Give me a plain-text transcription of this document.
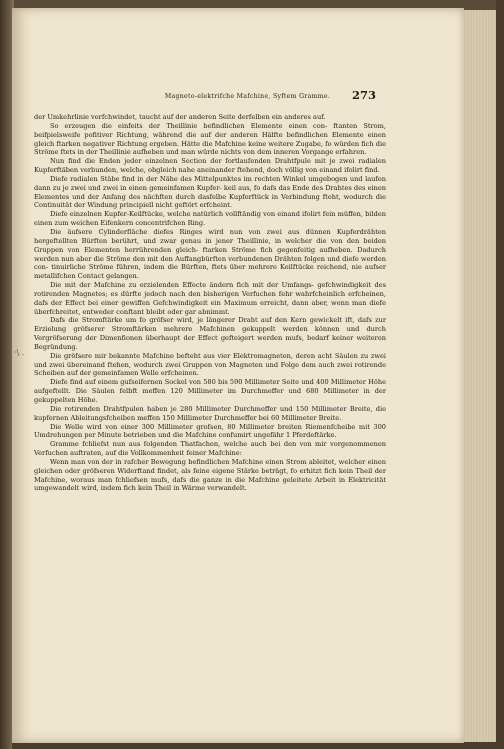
Magneto-elektrifche Mafchine, Syftem Gramme.	273
·\ .

der Umkehrlinie verfchwindet, taucht auf der anderen Seite derfelben ein anderes auf.

So erzeugen die einfeits der Theillinie befindlichen Elemente einen con- ftanten Strom, beifpielsweife pofitiver Richtung, während die auf der anderen Hälfte befindlichen Elemente einen gleich ftarken negativer Richtung ergeben. Hätte die Mafchine keine weitere Zugabe, fo würden fich die Ströme ftets in der Theillinie aufheben und man würde nichts von dem inneren Vorgange erfahren.

Nun find die Enden jeder einzelnen Section der fortlaufenden Drahtfpule mit je zwei radialen Kupferftäben verbunden, welche, obgleich nahe aneinander ftehend, doch völlig von einand ifolirt find.

Diefe radialen Stäbe find in der Nähe des Mittelpunktes im rechten Winkel umgebogen und laufen dann zu je zwei und zwei in einen gemeinfamen Kupfer- keil aus, fo dafs das Ende des Drahtes des einen Elementes und der Anfang des nächften durch dasfelbe Kupferftück in Verbindung fteht, wodurch die Continuität der Windung principiell nicht geftört erfcheint.

Diefe einzelnen Kupfer-Keilftücke, welche natürlich vollftändig von einand ifolirt fein müffen, bilden einen zum weichen Eifenkern concentrifchen Ring.

Die äufsere Cylinderfläche diefes Ringes wird nun von zwei aus dünnen Kupferdrähten hergeftellten Bürften berührt, und zwar genau in jener Theillinie, in welcher die von den beiden Gruppen von Elementen herrührenden gleich- ftarken Ströme fich gegenfeitig aufheben. Dadurch werden nun aber die Ströme den mit den Auffangbürften verbundenen Drähten folgen und diefe werden con- tinuirliche Ströme führen, indem die Bürften, ftets über mehrere Keilftücke reichend, nie aufser metallifchen Contact gelangen.

Die mit der Mafchine zu erzielenden Effecte ändern fich mit der Umfangs- gefchwindigkeit des rotirenden Magnetes; es dürfte jedoch nach den bisherigen Verfuchen fehr wahrfcheinlich erfcheinen, dafs der Effect bei einer gewiffen Gefchwindigkeit ein Maximum erreicht, dann aber, wenn man diefe überfchreitet, entweder conftant bleibt oder gar abnimmt.

Dafs die Stromftärke um fo gröfser wird, je längerer Draht auf den Kern gewickelt ift, dafs zur Erzielung gröfserer Stromftärken mehrere Mafchinen gekuppelt werden können und durch Vergröfserung der Dimenfionen überhaupt der Effect gefteigert werden mufs, bedarf keiner weiteren Begründung.

Die gröfsere mir bekannte Mafchine befteht aus vier Elektromagneten, deren acht Säulen zu zwei und zwei übereinand ftehen, wodurch zwei Gruppen von Magneten und Folge dem auch zwei rotirende Scheiben auf der gemeinfamen Welle erfcheinen.

Diefe find auf einem gufseifernen Sockel von 580 bis 590 Millimeter Seite und 400 Millimeter Höhe aufgeftellt. Die Säulen felbft meffen 120 Millimeter im Durchmeffer und 680 Millimeter in der gekuppelten Höhe.

Die rotirenden Drahtfpulen haben je 280 Millimeter Durchmeffer und 150 Millimeter Breite, die kupfernen Ableitungsfcheiben meffen 150 Millimeter Durchmeffer bei 60 Millimeter Breite.

Die Welle wird von einer 300 Millimeter grofsen, 80 Millimeter breiten Riemenfcheibe mit 300 Umdrehungen per Minute betrieben und die Mafchine confumirt ungefähr 1 Pferdeftärke.

Gramme fchliefst nun aus folgenden Thatfachen, welche auch bei den von mir vorgenommenen Verfuchen auftraten, auf die Vollkommenheit feiner Mafchine:

Wenn man von der in rafcher Bewegung befindlichen Mafchine einen Strom ableitet, welcher einen gleichen oder gröfseren Widerftand findet, als feine eigene Stärke beträgt, fo erhitzt fich kein Theil der Mafchine, woraus man fchliefsen mufs, dafs die ganze in die Mafchine geleitete Arbeit in Elektricität umgewandelt wird, indem fich kein Theil in Wärme verwandelt.
